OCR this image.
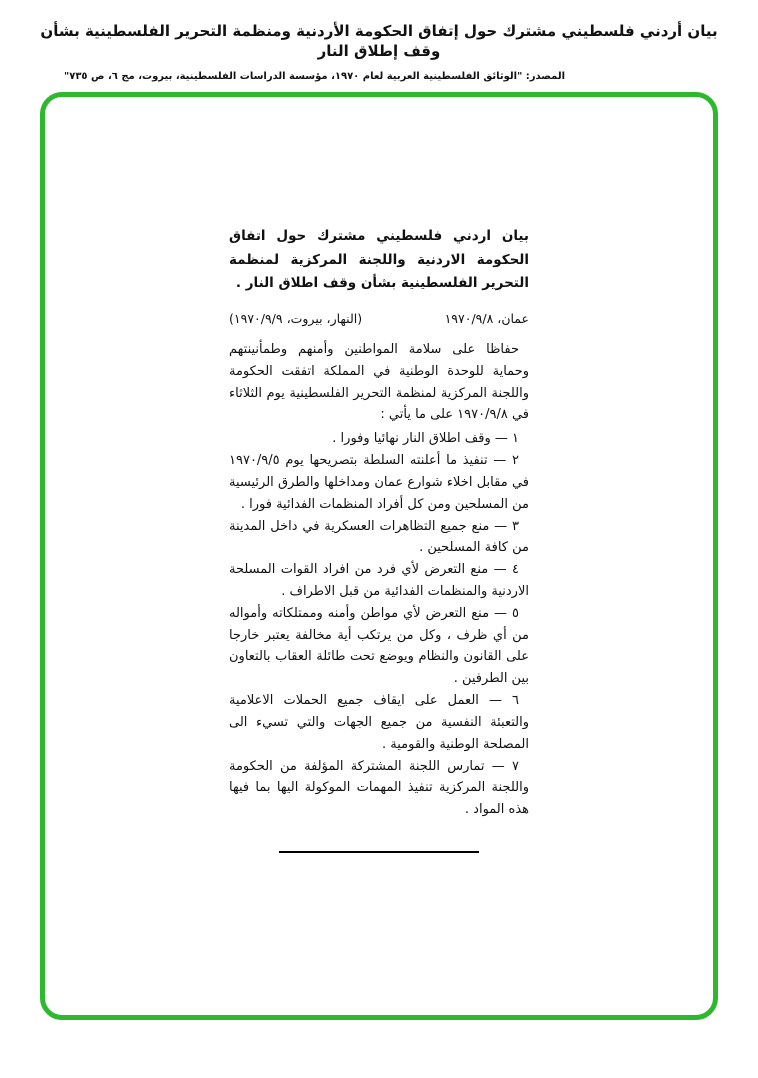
بيان أردني فلسطيني مشترك حول إتفاق الحكومة الأردنية ومنظمة التحرير الفلسطينية بشأن وقف إطلاق النار
المصدر: "الوثائق الفلسطينية العربية لعام ١٩٧٠، مؤسسة الدراسات الفلسطينية، بيروت، مج ٦، ص ٧٣٥"
بيان اردني فلسطيني مشترك حول اتفاق الحكومة الاردنية واللجنة المركزية لمنظمة التحرير الفلسطينية بشأن وقف اطلاق النار .
عمان، ١٩٧٠/٩/٨
(النهار، بيروت، ١٩٧٠/٩/٩)

حفاظا على سلامة المواطنين وأمنهم وطمأنينتهم وحماية للوحدة الوطنية في المملكة اتفقت الحكومة واللجنة المركزية لمنظمة التحرير الفلسطينية يوم الثلاثاء في ١٩٧٠/٩/٨ على ما يأتي :

١ — وقف اطلاق النار نهائيا وفورا .

٢ — تنفيذ ما أعلنته السلطة بتصريحها يوم ١٩٧٠/٩/٥ في مقابل اخلاء شوارع عمان ومداخلها والطرق الرئيسية من المسلحين ومن كل أفراد المنظمات الفدائية فورا .

٣ — منع جميع التظاهرات العسكرية في داخل المدينة من كافة المسلحين .

٤ — منع التعرض لأي فرد من افراد القوات المسلحة الاردنية والمنظمات الفدائية من قبل الاطراف .

٥ — منع التعرض لأي مواطن وأمنه وممتلكاته وأمواله من أي ظرف ، وكل من يرتكب أية مخالفة يعتبر خارجا على القانون والنظام ويوضع تحت طائلة العقاب بالتعاون بين الطرفين .

٦ — العمل على ايقاف جميع الحملات الاعلامية والتعبئة النفسية من جميع الجهات والتي تسيء الى المصلحة الوطنية والقومية .

٧ — تمارس اللجنة المشتركة المؤلفة من الحكومة واللجنة المركزية تنفيذ المهمات الموكولة اليها بما فيها هذه المواد .
